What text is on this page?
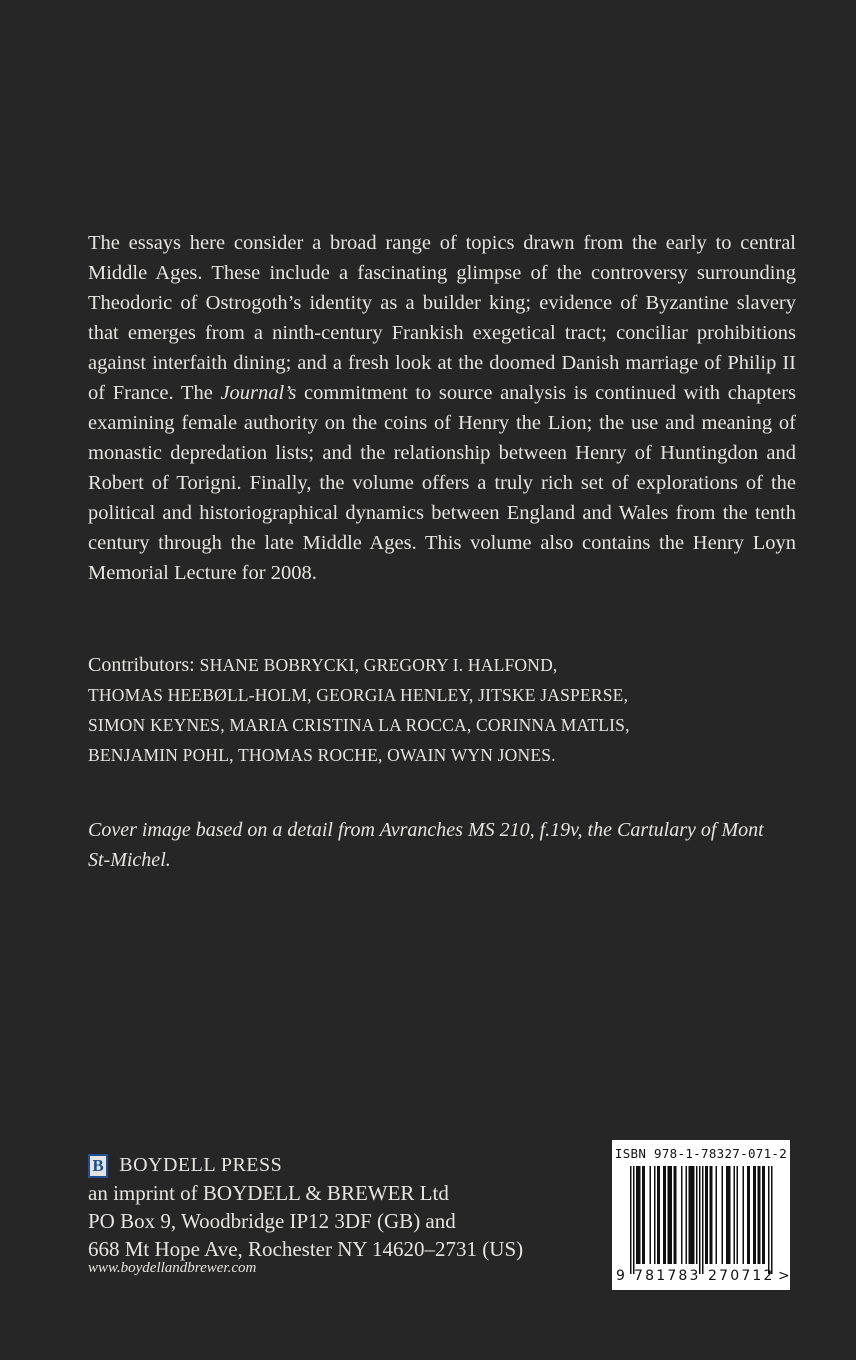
The essays here consider a broad range of topics drawn from the early to central Middle Ages. These include a fascinating glimpse of the controversy surrounding Theodoric of Ostrogoth’s identity as a builder king; evidence of Byzantine slavery that emerges from a ninth-century Frankish exegetical tract; conciliar prohibitions against interfaith dining; and a fresh look at the doomed Danish marriage of Philip II of France. The Journal’s commitment to source analysis is continued with chapters examining female authority on the coins of Henry the Lion; the use and meaning of monastic depredation lists; and the relationship between Henry of Huntingdon and Robert of Torigni. Finally, the volume offers a truly rich set of explorations of the political and historiographical dynamics between England and Wales from the tenth century through the late Middle Ages. This volume also contains the Henry Loyn Memorial Lecture for 2008.

Contributors: SHANE BOBRYCKI, GREGORY I. HALFOND,
THOMAS HEEBØLL-HOLM, GEORGIA HENLEY, JITSKE JASPERSE,
SIMON KEYNES, MARIA CRISTINA LA ROCCA, CORINNA MATLIS,
BENJAMIN POHL, THOMAS ROCHE, OWAIN WYN JONES.

Cover image based on a detail from Avranches MS 210, f.19v, the Cartulary of Mont St-Michel.

B BOYDELL PRESS
an imprint of BOYDELL & BREWER Ltd
PO Box 9, Woodbridge IP12 3DF (GB) and
668 Mt Hope Ave, Rochester NY 14620–2731 (US)
www.boydellandbrewer.com
ISBN 978-1-78327-071-2
9 781783 270712 >
